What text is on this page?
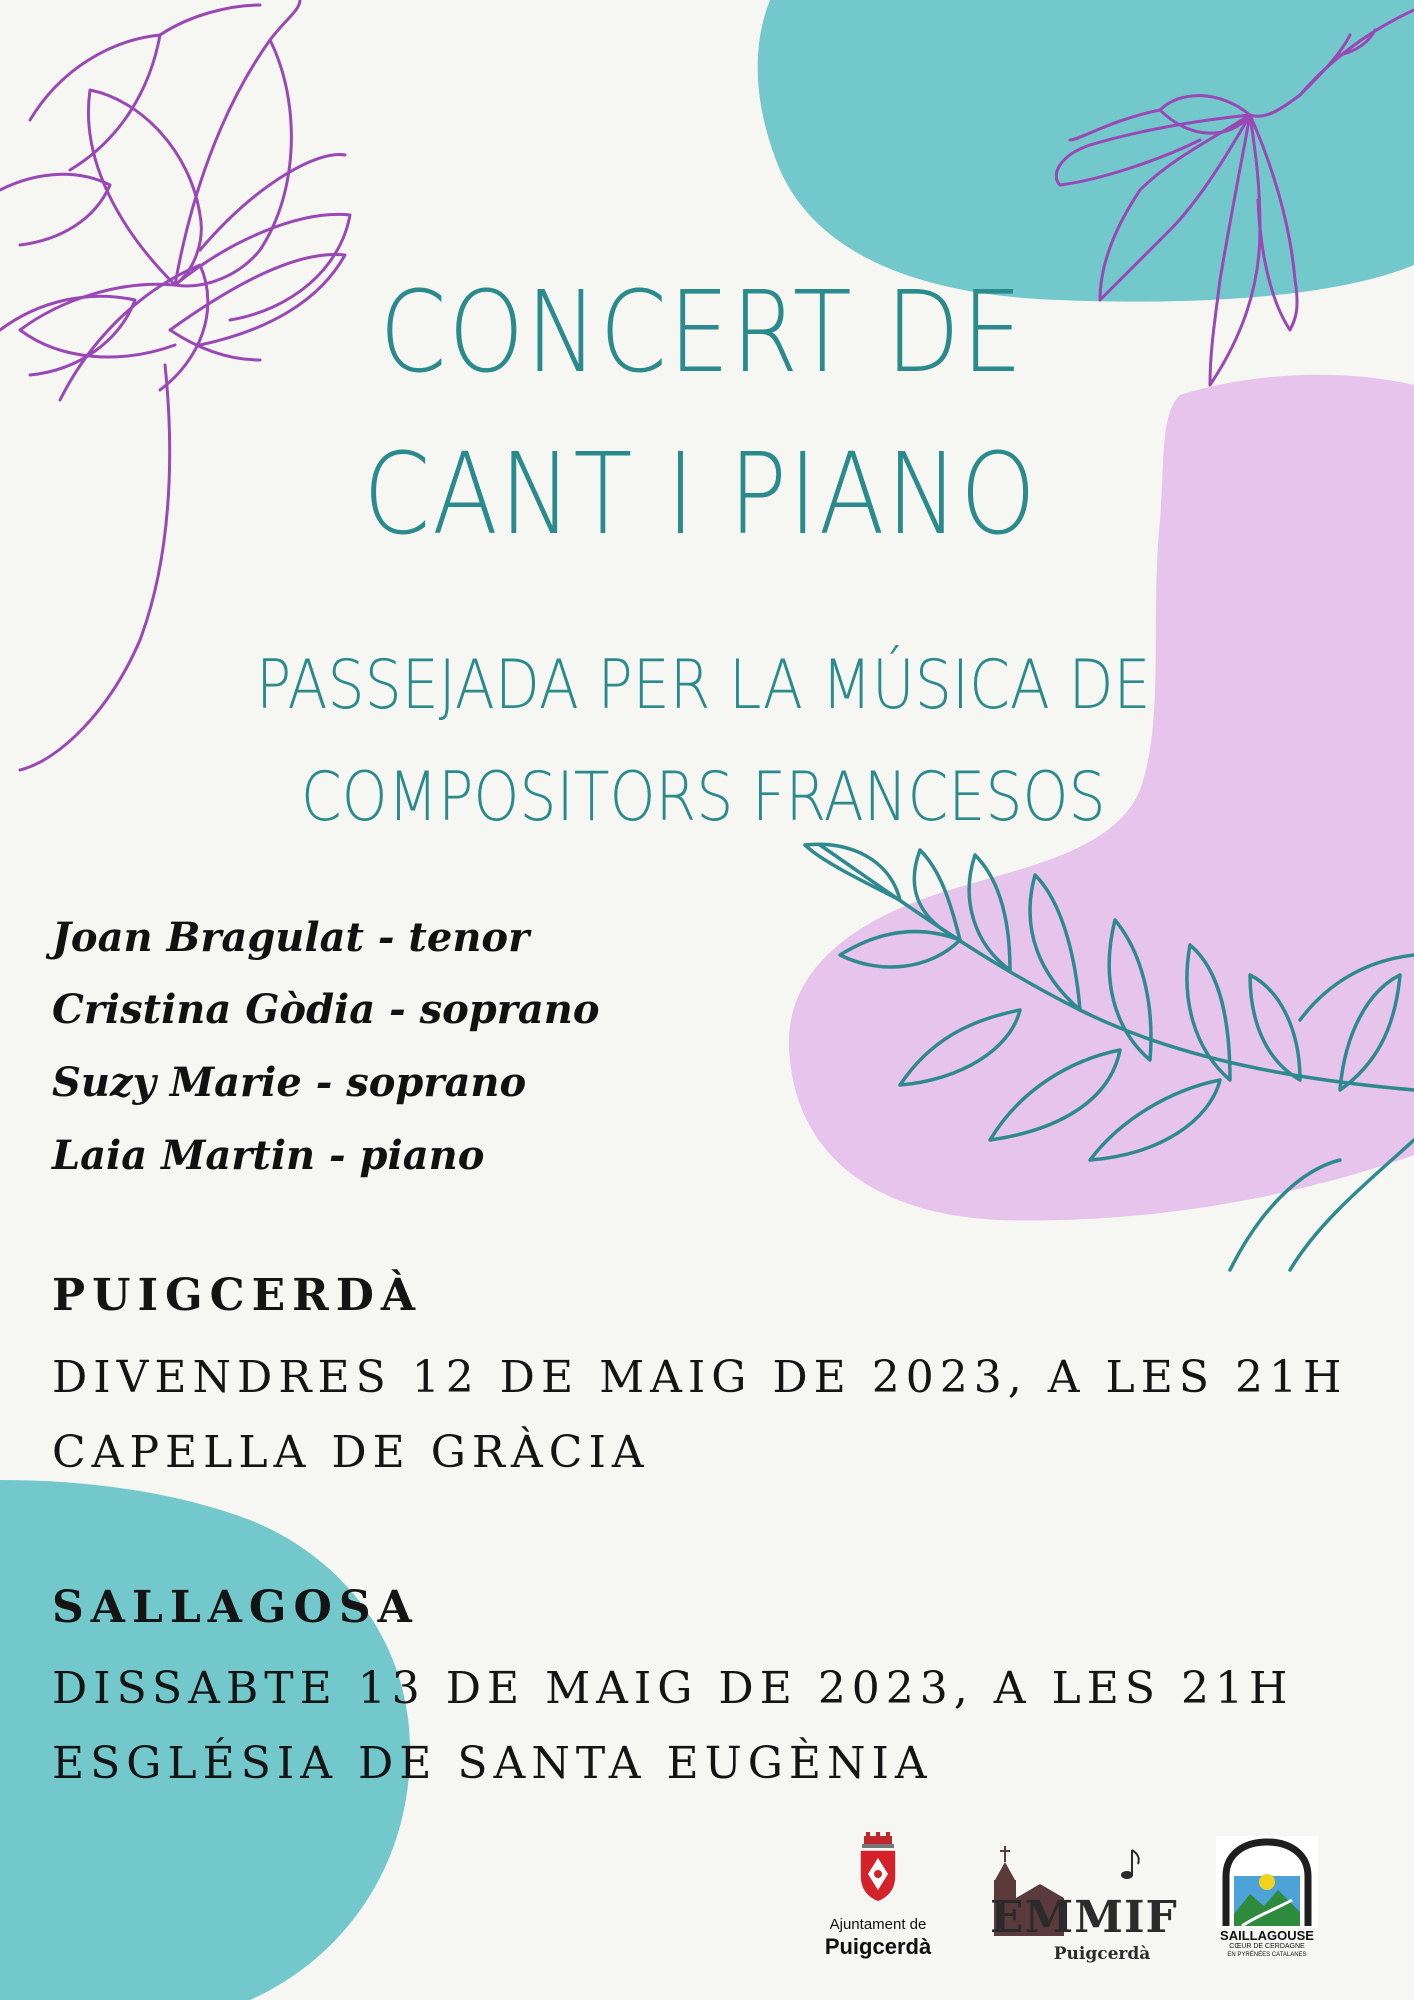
CONCERT DE
CANT I PIANO
PASSEJADA PER LA MÚSICA DE
COMPOSITORS FRANCESOS

Joan Bragulat - tenor

Cristina Gòdia - soprano

Suzy Marie - soprano

Laia Martin - piano

PUIGCERDÀ

DIVENDRES 12 DE MAIG DE 2023, A LES 21H

CAPELLA DE GRÀCIA

SALLAGOSA

DISSABTE 13 DE MAIG DE 2023, A LES 21H

ESGLÉSIA DE SANTA EUGÈNIA

Ajuntament de
Puigcerdà
EMMIF
Puigcerdà
SAILLAGOUSE
CŒUR DE CERDAGNE
EN PYRÉNÉES CATALANES
